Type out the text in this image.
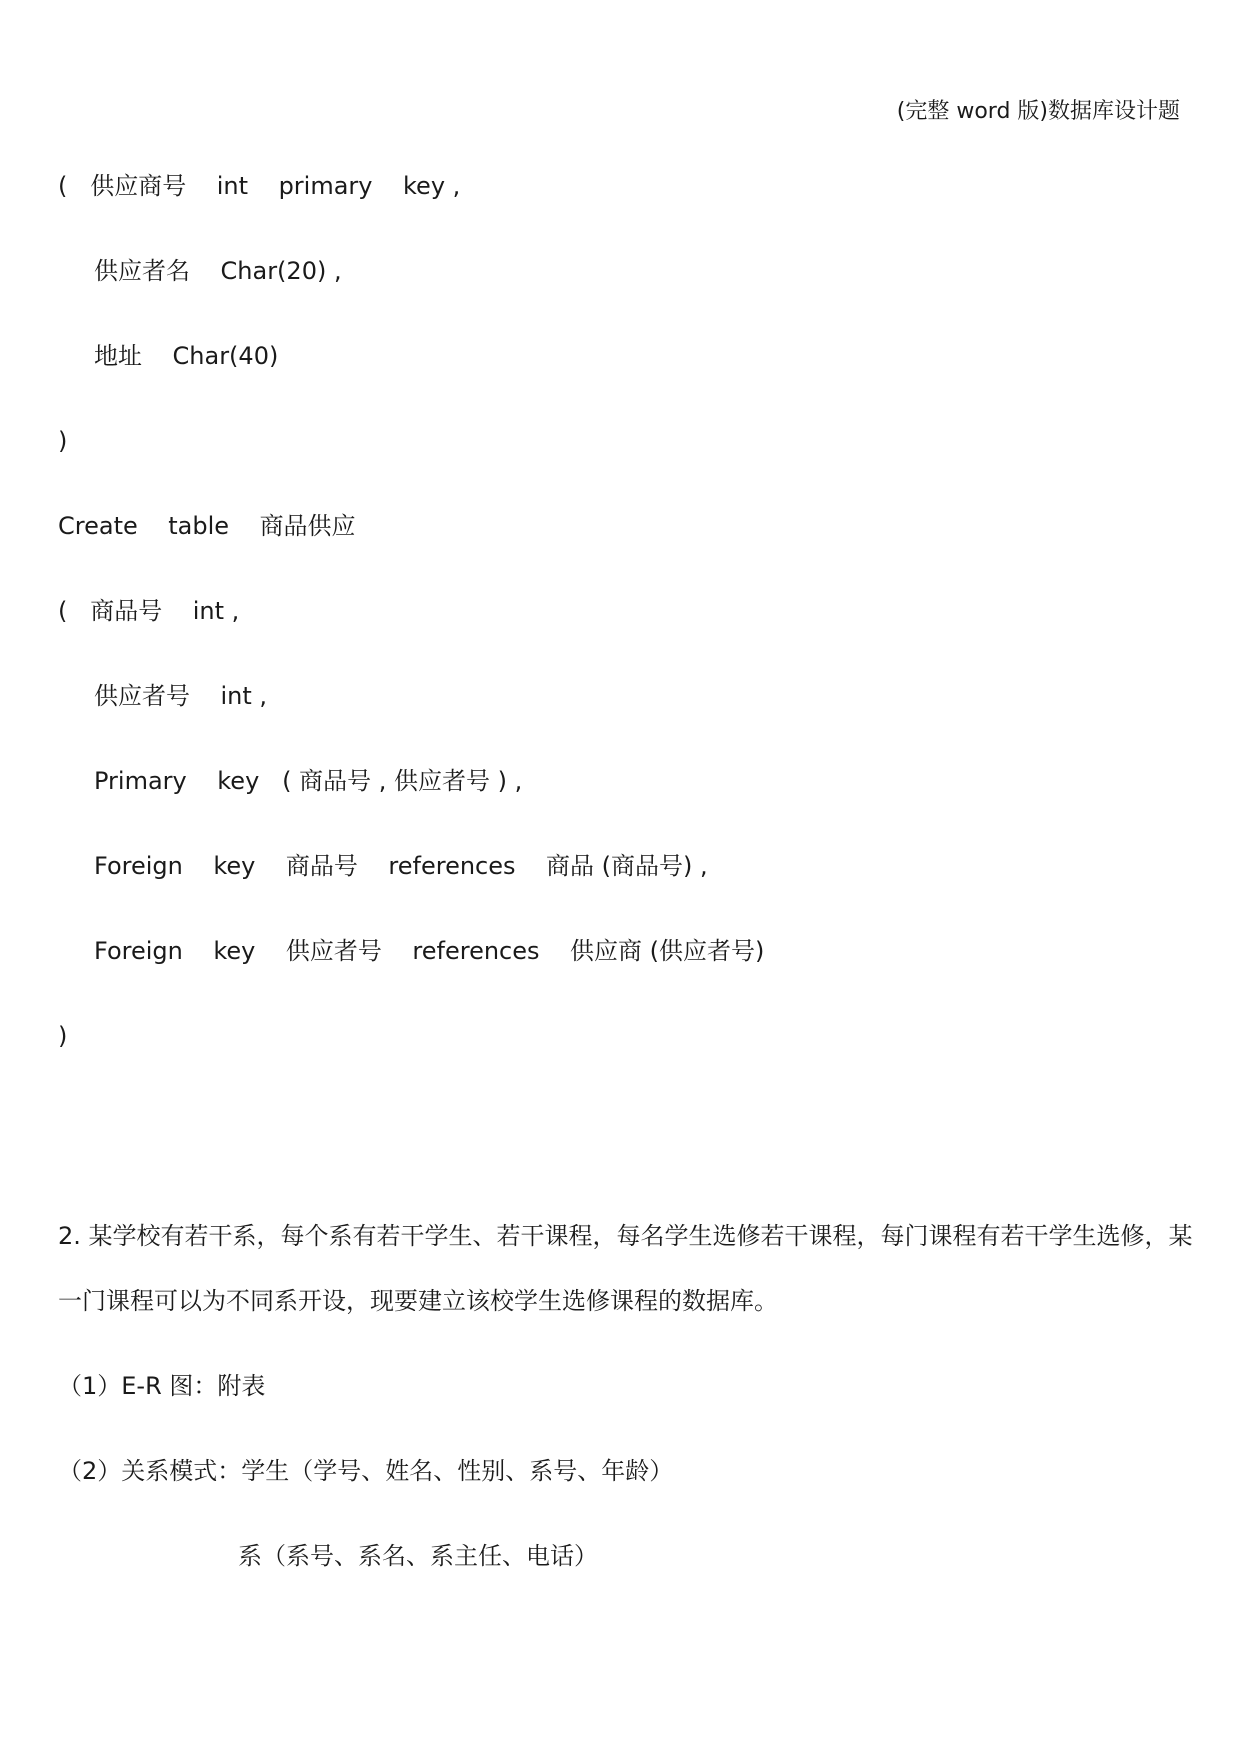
(完整 word 版)数据库设计题
(   供应商号    int    primary    key ,
供应者名    Char(20) ,
地址    Char(40)
)
Create    table    商品供应
(   商品号    int ,
供应者号    int ,
Primary    key   ( 商品号 , 供应者号 ) ,
Foreign    key    商品号    references    商品 (商品号) ,
Foreign    key    供应者号    references    供应商 (供应者号)
)
2. 某学校有若干系，每个系有若干学生、若干课程，每名学生选修若干课程，每门课程有若干学生选修，某
一门课程可以为不同系开设，现要建立该校学生选修课程的数据库。
（1）E-R 图：附表
（2）关系模式：学生（学号、姓名、性别、系号、年龄）
系（系号、系名、系主任、电话）
